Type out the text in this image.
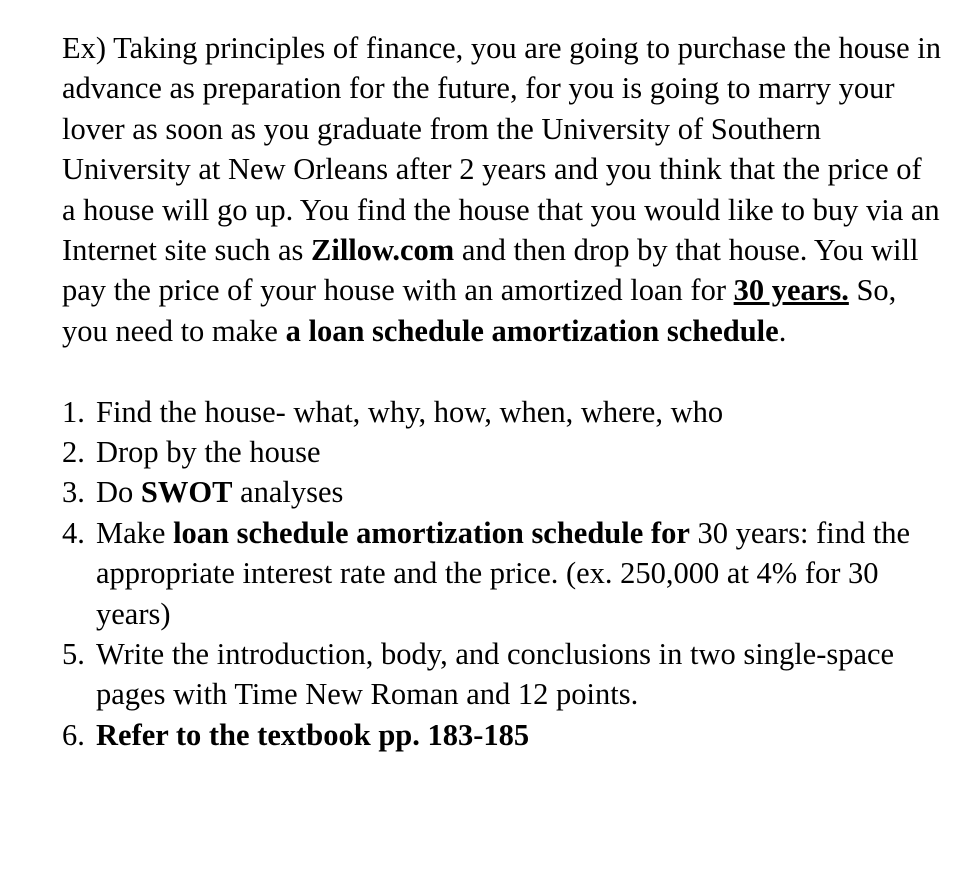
Ex) Taking principles of finance, you are going to purchase the house in advance as preparation for the future, for you is going to marry your lover as soon as you graduate from the University of Southern University at New Orleans after 2 years and you think that the price of a house will go up. You find the house that you would like to buy via an Internet site such as Zillow.com and then drop by that house. You will pay the price of your house with an amortized loan for 30 years. So, you need to make a loan schedule amortization schedule.

1. Find the house- what, why, how, when, where, who
2. Drop by the house
3. Do SWOT analyses
4. Make loan schedule amortization schedule for 30 years: find the appropriate interest rate and the price. (ex. 250,000 at 4% for 30 years)
5. Write the introduction, body, and conclusions in two single-space pages with Time New Roman and 12 points.
6. Refer to the textbook pp. 183-185
